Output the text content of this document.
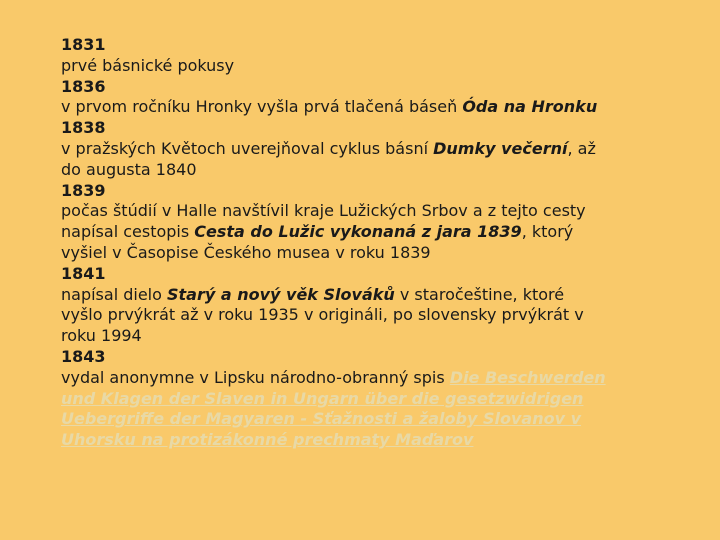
1831
prvé básnické pokusy
1836
v prvom ročníku Hronky vyšla prvá tlačená báseň Óda na Hronku
1838
v pražských Květoch uverejňoval cyklus básní Dumky večerní, až
do augusta 1840
1839
počas štúdií v Halle navštívil kraje Lužických Srbov a z tejto cesty
napísal cestopis Cesta do Lužic vykonaná z jara 1839, ktorý
vyšiel v Časopise Českého musea v roku 1839
1841
napísal dielo Starý a nový věk Slováků v staročeštine, ktoré
vyšlo prvýkrát až v roku 1935 v origináli, po slovensky prvýkrát v
roku 1994
1843
vydal anonymne v Lipsku národno-obranný spis Die Beschwerden
und Klagen der Slaven in Ungarn über die gesetzwidrigen
Uebergriffe der Magyaren - Sťažnosti a žaloby Slovanov v
Uhorsku na protizákonné prechmaty Maďarov
